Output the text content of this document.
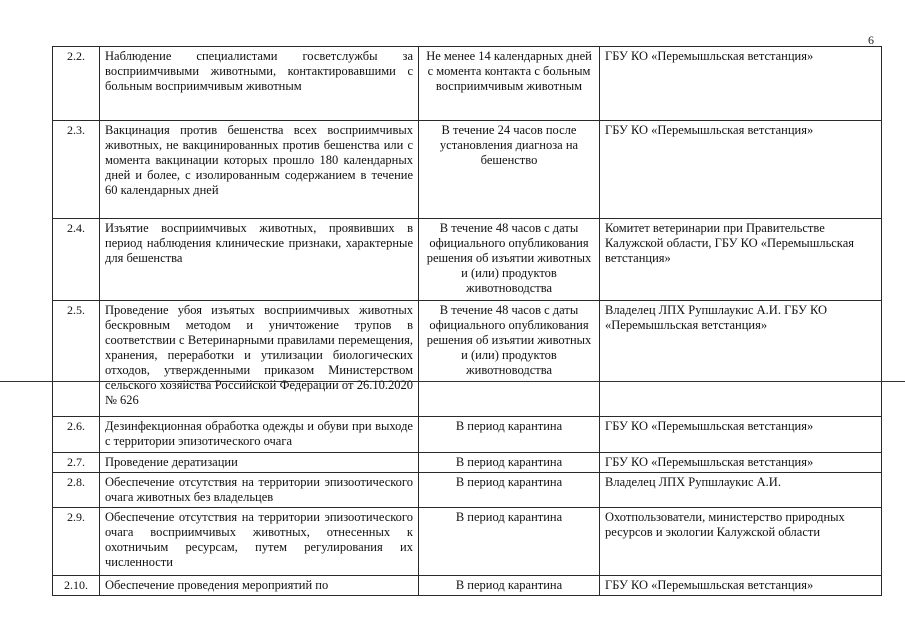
6
2.2.	Наблюдение специалистами госветслужбы за восприимчивыми животными, контактировавшими с больным восприимчивым животным	Не менее 14 календарных дней с момента контакта с больным восприимчивым животным	ГБУ КО «Перемышльская ветстанция»
2.3.	Вакцинация против бешенства всех восприимчивых животных, не вакцинированных против бешенства или с момента вакцинации которых прошло 180 календарных дней и более, с изолированным содержанием в течение 60 календарных дней	В течение 24 часов после установления диагноза на бешенство	ГБУ КО «Перемышльская ветстанция»
2.4.	Изъятие восприимчивых животных, проявивших в период наблюдения клинические признаки, характерные для бешенства	В течение 48 часов с даты официального опубликования решения об изъятии животных и (или) продуктов животноводства	Комитет ветеринарии при Правительстве Калужской области, ГБУ КО «Перемышльская ветстанция»
2.5.	Проведение убоя изъятых восприимчивых животных бескровным методом и уничтожение трупов в соответствии с Ветеринарными правилами перемещения, хранения, переработки и утилизации биологических отходов, утвержденными приказом Министерством сельского хозяйства Российской Федерации от 26.10.2020 № 626	В течение 48 часов с даты официального опубликования решения об изъятии животных и (или) продуктов животноводства	Владелец ЛПХ Рупшлаукис А.И. ГБУ КО «Перемышльская ветстанция»
2.6.	Дезинфекционная обработка одежды и обуви при выходе с территории эпизотического очага	В период карантина	ГБУ КО «Перемышльская ветстанция»
2.7.	Проведение дератизации	В период карантина	ГБУ КО «Перемышльская ветстанция»
2.8.	Обеспечение отсутствия на территории эпизоотического очага животных без владельцев	В период карантина	Владелец ЛПХ Рупшлаукис А.И.
2.9.	Обеспечение отсутствия на территории эпизоотического очага восприимчивых животных, отнесенных к охотничьим ресурсам, путем регулирования их численности	В период карантина	Охотпользователи, министерство природных ресурсов и экологии Калужской области
2.10.	Обеспечение проведения мероприятий по	В период карантина	ГБУ КО «Перемышльская ветстанция»
